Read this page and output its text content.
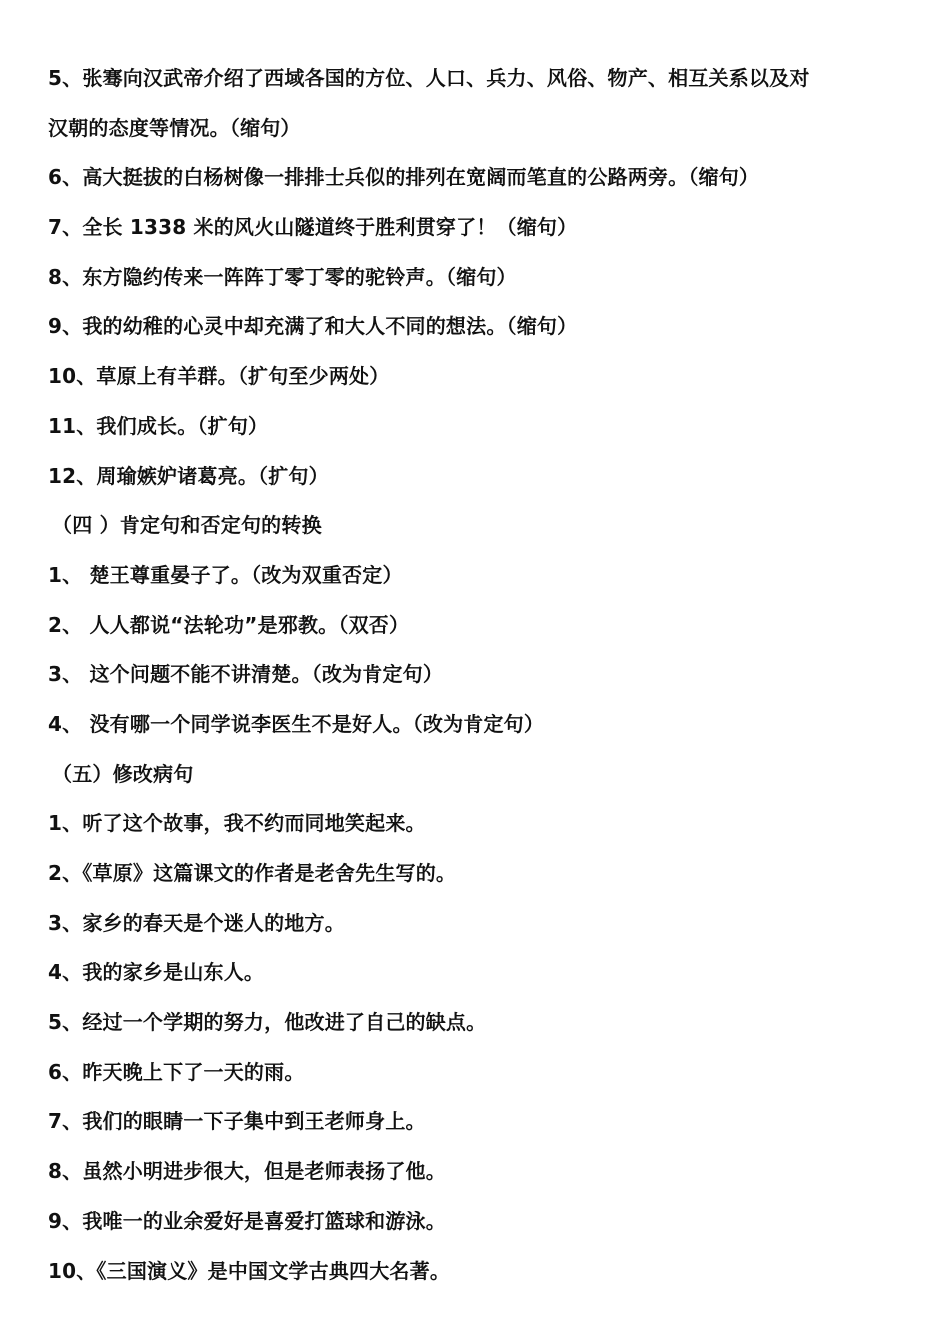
5、张骞向汉武帝介绍了西域各国的方位、人口、兵力、风俗、物产、相互关系以及对
汉朝的态度等情况。（缩句）
6、高大挺拔的白杨树像一排排士兵似的排列在宽阔而笔直的公路两旁。（缩句）
7、全长 1338 米的风火山隧道终于胜利贯穿了！（缩句）
8、东方隐约传来一阵阵丁零丁零的驼铃声。（缩句）
9、我的幼稚的心灵中却充满了和大人不同的想法。（缩句）
10、草原上有羊群。（扩句至少两处）
11、我们成长。（扩句）
12、周瑜嫉妒诸葛亮。（扩句）
（四 ）肯定句和否定句的转换
1、 楚王尊重晏子了。（改为双重否定）
2、 人人都说“法轮功”是邪教。（双否）
3、 这个问题不能不讲清楚。（改为肯定句）
4、 没有哪一个同学说李医生不是好人。（改为肯定句）
（五）修改病句
1、听了这个故事，我不约而同地笑起来。
2、《草原》这篇课文的作者是老舍先生写的。
3、家乡的春天是个迷人的地方。
4、我的家乡是山东人。
5、经过一个学期的努力，他改进了自己的缺点。
6、昨天晚上下了一天的雨。
7、我们的眼睛一下子集中到王老师身上。
8、虽然小明进步很大，但是老师表扬了他。
9、我唯一的业余爱好是喜爱打篮球和游泳。
10、《三国演义》是中国文学古典四大名著。
